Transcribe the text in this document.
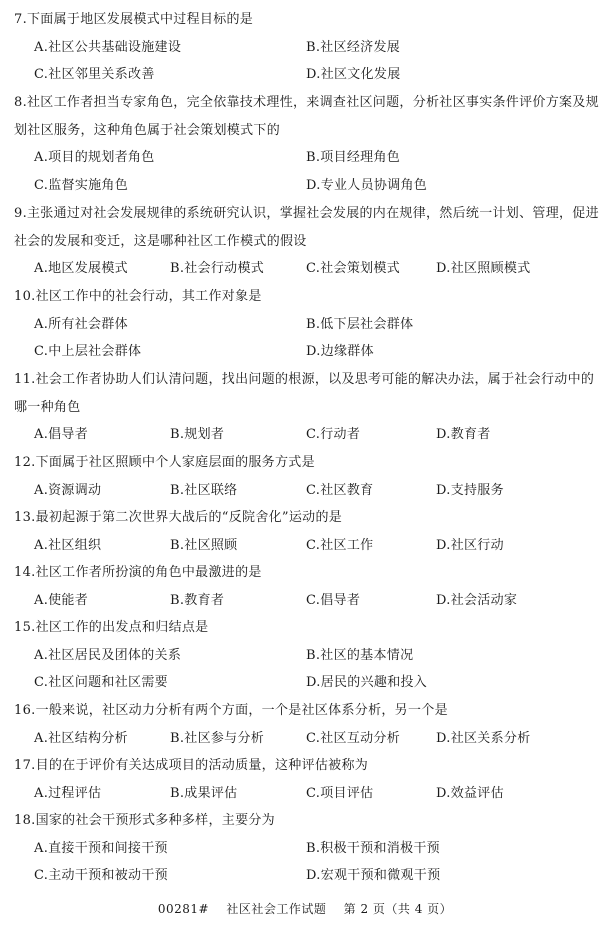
7.下面属于地区发展模式中过程目标的是
A.社区公共基础设施建设	B.社区经济发展
C.社区邻里关系改善	D.社区文化发展
8.社区工作者担当专家角色，完全依靠技术理性，来调查社区问题，分析社区事实条件评价方案及规划社区服务，这种角色属于社会策划模式下的
A.项目的规划者角色	B.项目经理角色
C.监督实施角色	D.专业人员协调角色
9.主张通过对社会发展规律的系统研究认识，掌握社会发展的内在规律，然后统一计划、管理，促进社会的发展和变迁，这是哪种社区工作模式的假设
A.地区发展模式	B.社会行动模式	C.社会策划模式	D.社区照顾模式
10.社区工作中的社会行动，其工作对象是
A.所有社会群体	B.低下层社会群体
C.中上层社会群体	D.边缘群体
11.社会工作者协助人们认清问题，找出问题的根源，以及思考可能的解决办法，属于社会行动中的哪一种角色
A.倡导者	B.规划者	C.行动者	D.教育者
12.下面属于社区照顾中个人家庭层面的服务方式是
A.资源调动	B.社区联络	C.社区教育	D.支持服务
13.最初起源于第二次世界大战后的“反院舍化”运动的是
A.社区组织	B.社区照顾	C.社区工作	D.社区行动
14.社区工作者所扮演的角色中最激进的是
A.使能者	B.教育者	C.倡导者	D.社会活动家
15.社区工作的出发点和归结点是
A.社区居民及团体的关系	B.社区的基本情况
C.社区问题和社区需要	D.居民的兴趣和投入
16.一般来说，社区动力分析有两个方面，一个是社区体系分析，另一个是
A.社区结构分析	B.社区参与分析	C.社区互动分析	D.社区关系分析
17.目的在于评价有关达成项目的活动质量，这种评估被称为
A.过程评估	B.成果评估	C.项目评估	D.效益评估
18.国家的社会干预形式多种多样，主要分为
A.直接干预和间接干预	B.积极干预和消极干预
C.主动干预和被动干预	D.宏观干预和微观干预
00281# 社区社会工作试题 第 2 页（共 4 页）
